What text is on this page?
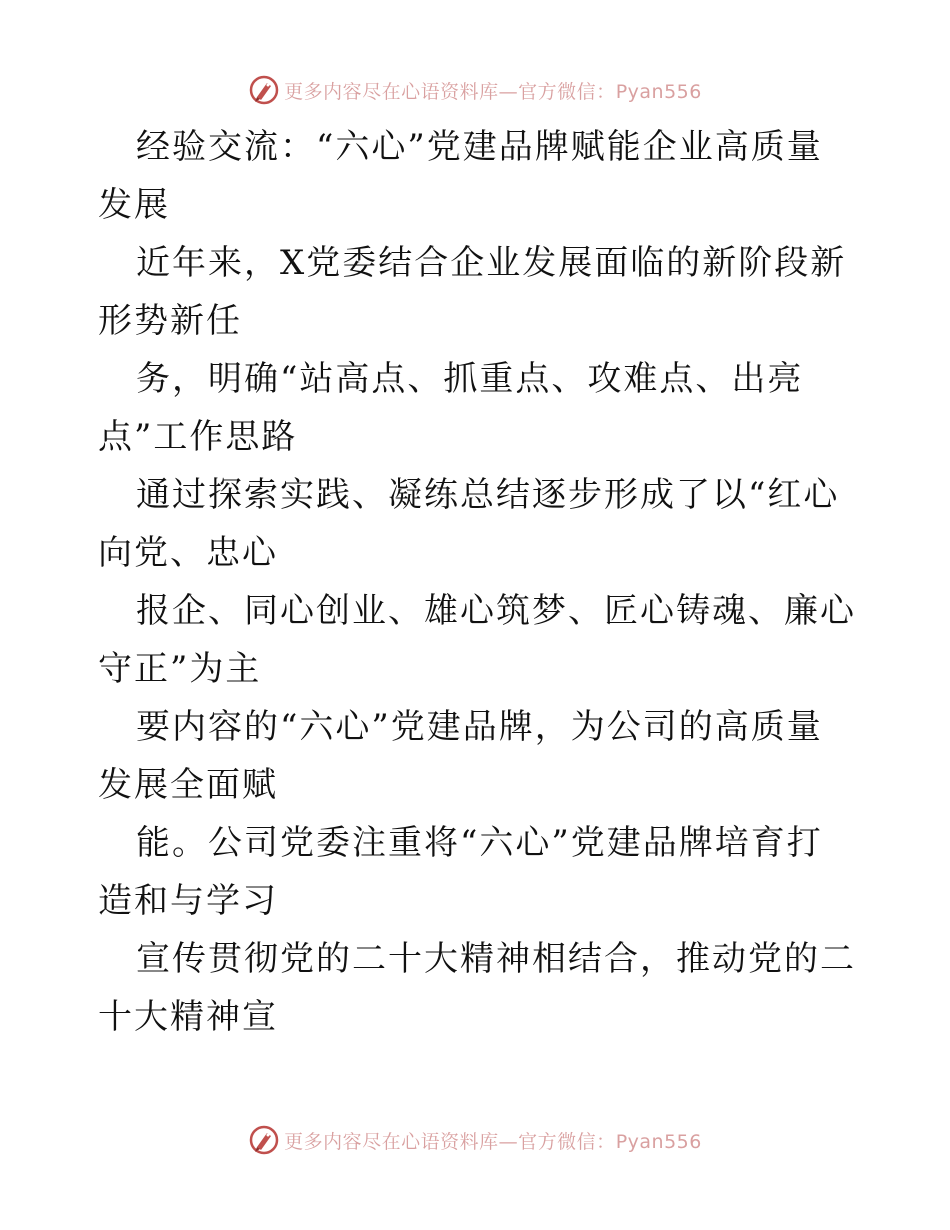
更多内容尽在心语资料库—官方微信：Pyan556

经验交流：“六心”党建品牌赋能企业高质量发展

近年来，X党委结合企业发展面临的新阶段新形势新任

务，明确“站高点、抓重点、攻难点、出亮点”工作思路

通过探索实践、凝练总结逐步形成了以“红心向党、忠心

报企、同心创业、雄心筑梦、匠心铸魂、廉心守正”为主

要内容的“六心”党建品牌，为公司的高质量发展全面赋

能。公司党委注重将“六心”党建品牌培育打造和与学习

宣传贯彻党的二十大精神相结合，推动党的二十大精神宣

更多内容尽在心语资料库—官方微信：Pyan556
